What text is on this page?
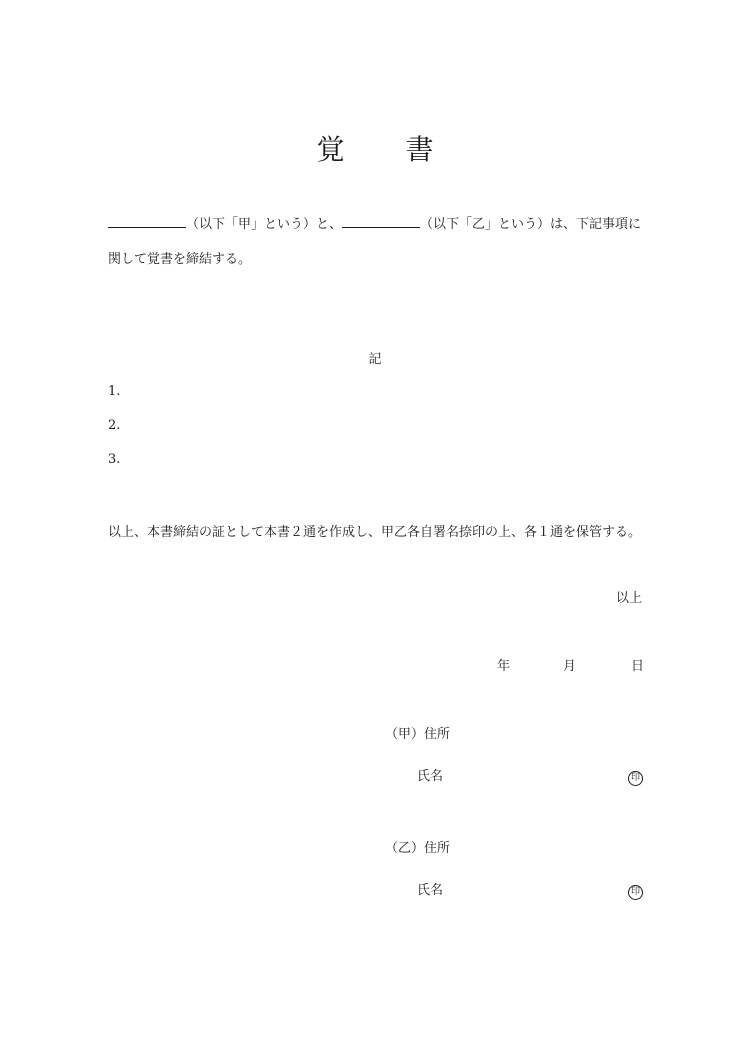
覚 書
（以下「甲」という）と、	（以下「乙」という）は、下記事項に
関して覚書を締結する。
記
1.
2.
3.
以上、本書締結の証として本書２通を作成し、甲乙各自署名捺印の上、各１通を保管する。
以上
年	月	日
（甲）住所
氏名	印
（乙）住所
氏名	印
